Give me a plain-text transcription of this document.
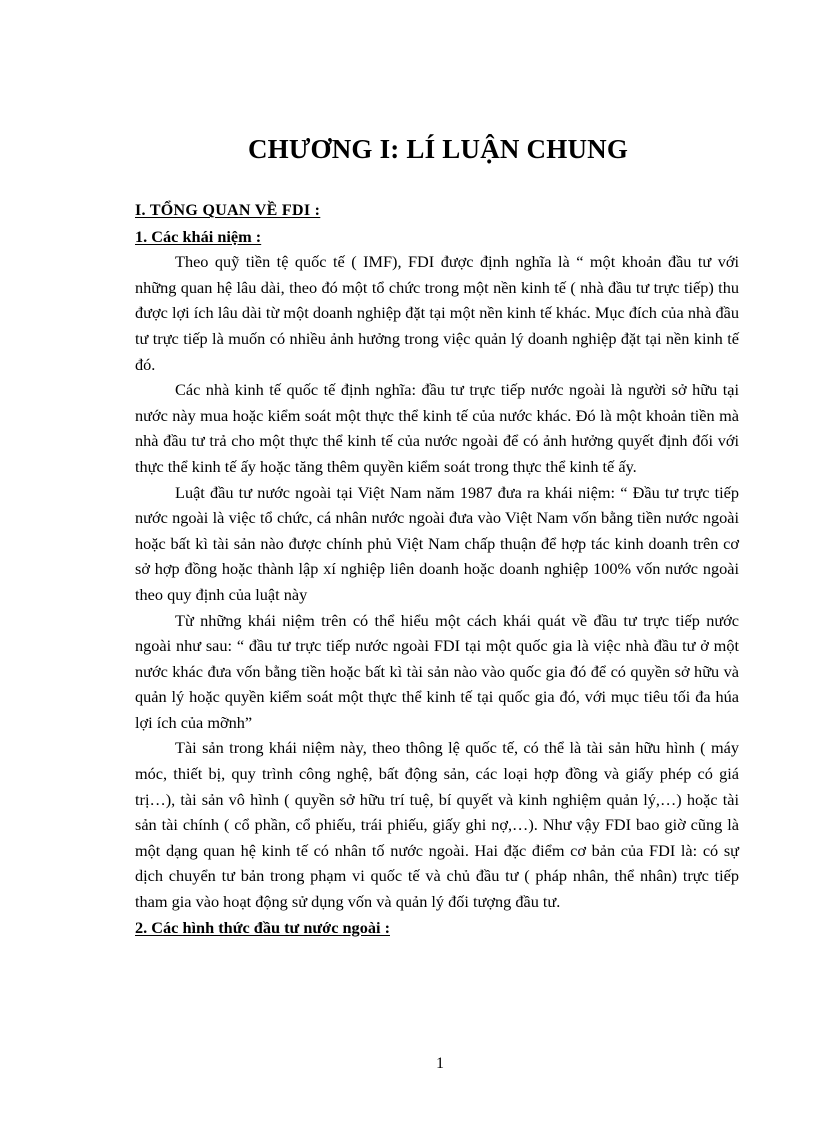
CHƯƠNG I: LÍ LUẬN CHUNG

I. TỔNG QUAN VỀ FDI :

1. Các khái niệm :

Theo quỹ tiền tệ quốc tế ( IMF), FDI được định nghĩa là “ một khoản đầu tư với những quan hệ lâu dài, theo đó một tổ chức trong một nền kinh tế ( nhà đầu tư trực tiếp) thu được lợi ích lâu dài từ một doanh nghiệp đặt tại một nền kinh tế khác. Mục đích của nhà đầu tư trực tiếp là muốn có nhiều ảnh hưởng trong việc quản lý doanh nghiệp đặt tại nền kinh tế đó.

Các nhà kinh tế quốc tế định nghĩa: đầu tư trực tiếp nước ngoài là người sở hữu tại nước này mua hoặc kiểm soát một thực thể kinh tế của nước khác. Đó là một khoản tiền mà nhà đầu tư trả cho một thực thể kinh tế của nước ngoài để có ảnh hưởng quyết định đối với thực thể kinh tế ấy hoặc tăng thêm quyền kiểm soát trong thực thể kinh tế ấy.

Luật đầu tư nước ngoài tại Việt Nam năm 1987 đưa ra khái niệm: “ Đầu tư trực tiếp nước ngoài là việc tổ chức, cá nhân nước ngoài đưa vào Việt Nam vốn bằng tiền nước ngoài hoặc bất kì tài sản nào được chính phủ Việt Nam chấp thuận để hợp tác kinh doanh trên cơ sở hợp đồng hoặc thành lập xí nghiệp liên doanh hoặc doanh nghiệp 100% vốn nước ngoài theo quy định của luật này

Từ những khái niệm trên có thể hiểu một cách khái quát về đầu tư trực tiếp nước ngoài như sau: “ đầu tư trực tiếp nước ngoài FDI tại một quốc gia là việc nhà đầu tư ở một nước khác đưa vốn bằng tiền hoặc bất kì tài sản nào vào quốc gia đó để có quyền sở hữu và quản lý hoặc quyền kiểm soát một thực thể kinh tế tại quốc gia đó, với mục tiêu tối đa húa lợi ích của mỡnh”

Tài sản trong khái niệm này, theo thông lệ quốc tế, có thể là tài sản hữu hình ( máy móc, thiết bị, quy trình công nghệ, bất động sản, các loại hợp đồng và giấy phép có giá trị…), tài sản vô hình ( quyền sở hữu trí tuệ, bí quyết và kinh nghiệm quản lý,…) hoặc tài sản tài chính ( cổ phần, cổ phiếu, trái phiếu, giấy ghi nợ,…). Như vậy FDI bao giờ cũng là một dạng quan hệ kinh tế có nhân tố nước ngoài. Hai đặc điểm cơ bản của FDI là: có sự dịch chuyển tư bản trong phạm vi quốc tế và chủ đầu tư ( pháp nhân, thể nhân) trực tiếp tham gia vào hoạt động sử dụng vốn và quản lý đối tượng đầu tư.

2. Các hình thức đầu tư nước ngoài :

1
